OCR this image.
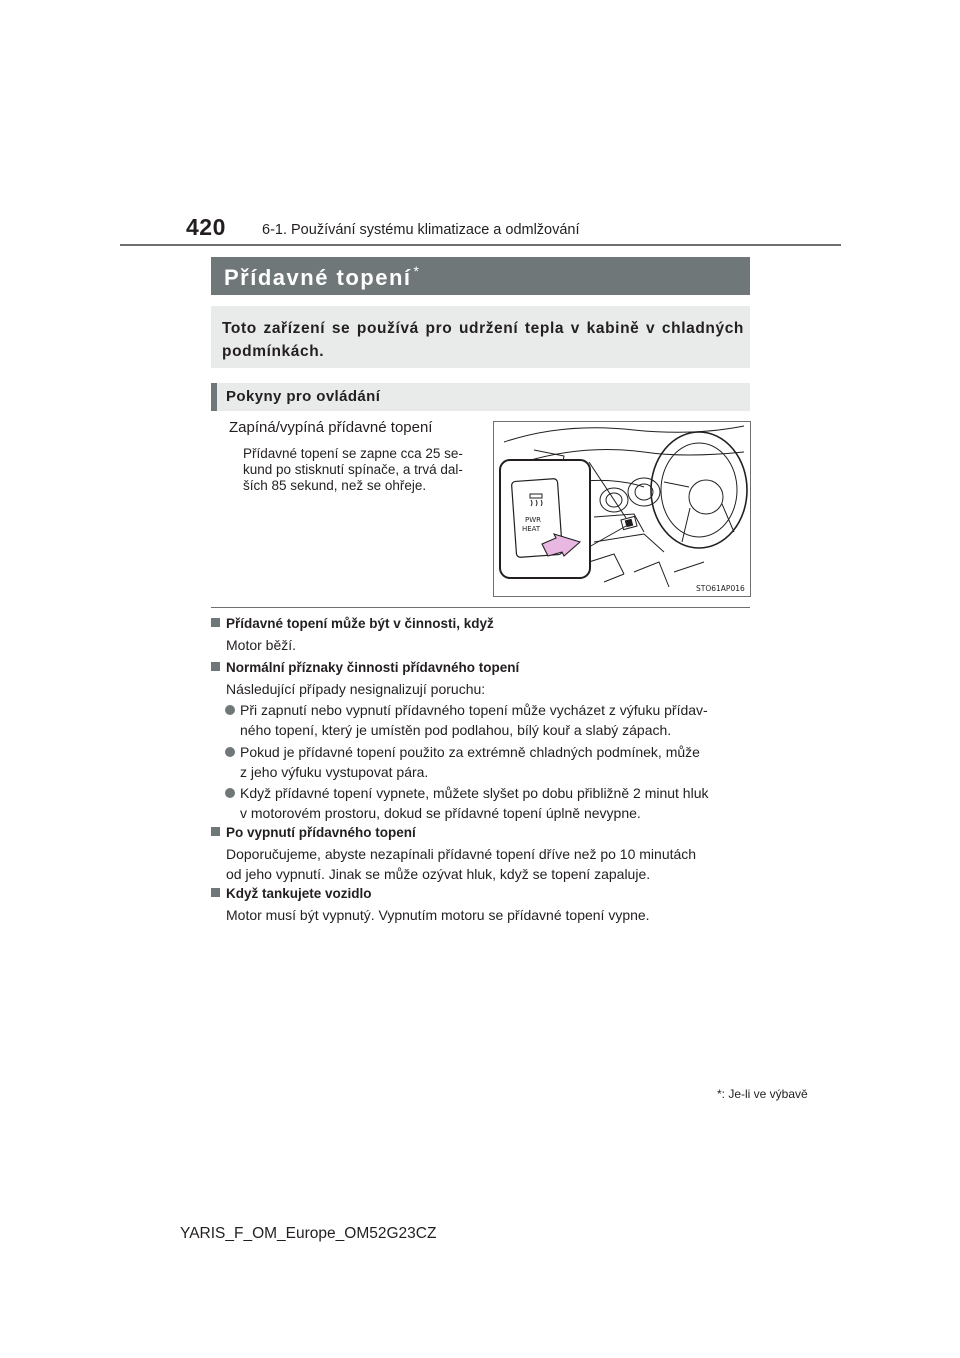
420 6-1. Používání systému klimatizace a odmlžování
Přídavné topení *
Toto zařízení se používá pro udržení tepla v kabině v chladných podmínkách.
Pokyny pro ovládání
Zapíná/vypíná přídavné topení
Přídavné topení se zapne cca 25 se-
kund po stisknutí spínače, a trvá dal-
ších 85 sekund, než se ohřeje.
PWR
HEAT
STO61AP016
Přídavné topení může být v činnosti, když
Motor běží.
Normální příznaky činnosti přídavného topení
Následující případy nesignalizují poruchu:
Při zapnutí nebo vypnutí přídavného topení může vycházet z výfuku přídav-
ného topení, který je umístěn pod podlahou, bílý kouř a slabý zápach.
Pokud je přídavné topení použito za extrémně chladných podmínek, může
z jeho výfuku vystupovat pára.
Když přídavné topení vypnete, můžete slyšet po dobu přibližně 2 minut hluk
v motorovém prostoru, dokud se přídavné topení úplně nevypne.
Po vypnutí přídavného topení
Doporučujeme, abyste nezapínali přídavné topení dříve než po 10 minutách
od jeho vypnutí. Jinak se může ozývat hluk, když se topení zapaluje.
Když tankujete vozidlo
Motor musí být vypnutý. Vypnutím motoru se přídavné topení vypne.
*: Je-li ve výbavě
YARIS_F_OM_Europe_OM52G23CZ
